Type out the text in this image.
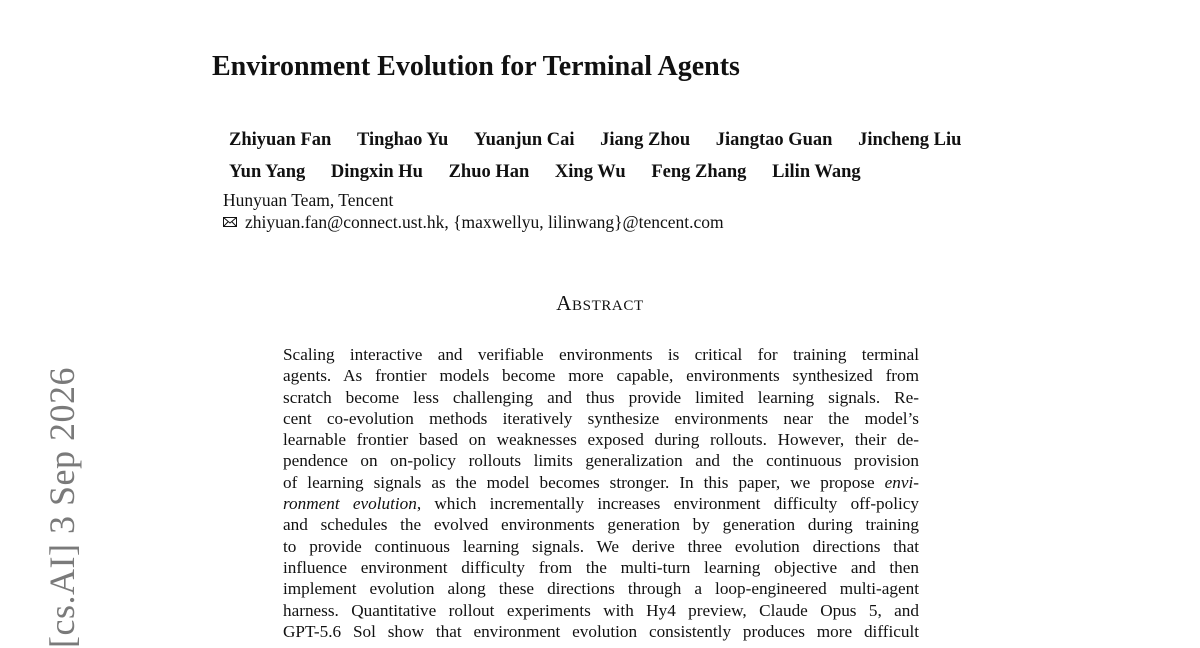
[cs.AI] 3 Sep 2026
Environment Evolution for Terminal Agents
Zhiyuan Fan Tinghao Yu Yuanjun Cai Jiang Zhou Jiangtao Guan Jincheng Liu
Yun Yang Dingxin Hu Zhuo Han Xing Wu Feng Zhang Lilin Wang
Hunyuan Team, Tencent
zhiyuan.fan@connect.ust.hk, {maxwellyu, lilinwang}@tencent.com
Abstract
Scaling interactive and verifiable environments is critical for training terminal
agents. As frontier models become more capable, environments synthesized from
scratch become less challenging and thus provide limited learning signals. Re-
cent co-evolution methods iteratively synthesize environments near the model’s
learnable frontier based on weaknesses exposed during rollouts. However, their de-
pendence on on-policy rollouts limits generalization and the continuous provision
of learning signals as the model becomes stronger. In this paper, we propose envi-
ronment evolution, which incrementally increases environment difficulty off-policy
and schedules the evolved environments generation by generation during training
to provide continuous learning signals. We derive three evolution directions that
influence environment difficulty from the multi-turn learning objective and then
implement evolution along these directions through a loop-engineered multi-agent
harness. Quantitative rollout experiments with Hy4 preview, Claude Opus 5, and
GPT-5.6 Sol show that environment evolution consistently produces more difficult
